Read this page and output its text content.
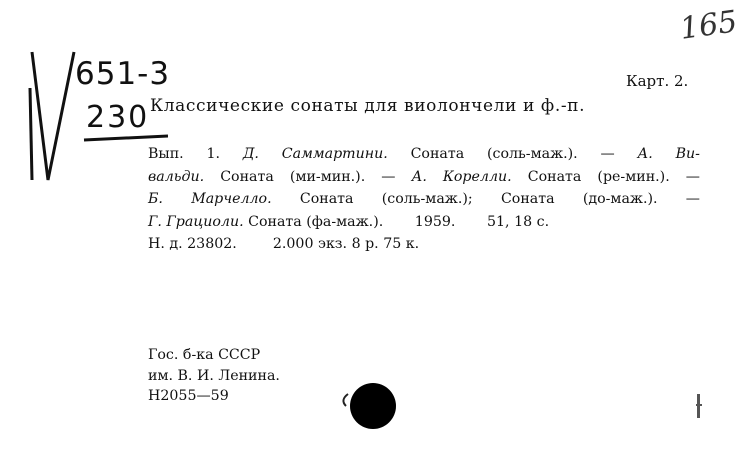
165
651-3
230
Карт. 2.
Классические сонаты для виолончели и ф.-п.
Вып. 1. Д. Саммартини. Соната (соль-маж.). — А. Ви-
вальди. Соната (ми-мин.). — А. Корелли. Соната (ре-мин.). —
Б. Марчелло. Соната (соль-маж.); Соната (до-маж.). —
Г. Грациоли. Соната (фа-маж.).       1959.       51, 18 с.
Н. д. 23802.        2.000 экз. 8 р. 75 к.
Гос. б-ка СССР
им. В. И. Ленина.
Н2055—59
